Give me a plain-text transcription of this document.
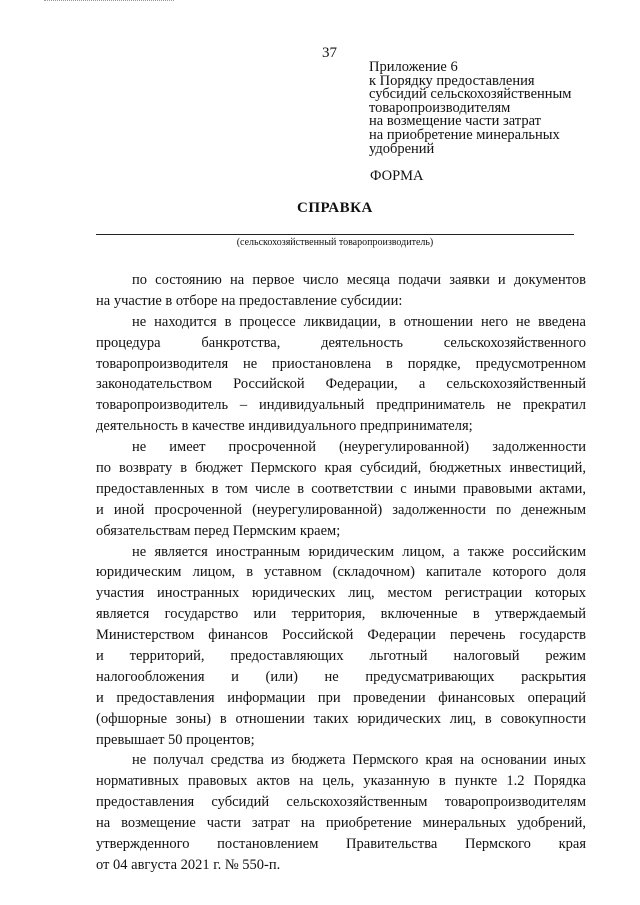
37
Приложение 6
к Порядку предоставления
субсидий сельскохозяйственным
товаропроизводителям
на возмещение части затрат
на приобретение минеральных
удобрений
ФОРМА
СПРАВКА
(сельскохозяйственный товаропроизводитель)
по состоянию на первое число месяца подачи заявки и документов
на участие в отборе на предоставление субсидии:
не находится в процессе ликвидации, в отношении него не введена
процедура банкротства, деятельность сельскохозяйственного
товаропроизводителя не приостановлена в порядке, предусмотренном
законодательством Российской Федерации, а сельскохозяйственный
товаропроизводитель – индивидуальный предприниматель не прекратил
деятельность в качестве индивидуального предпринимателя;
не имеет просроченной (неурегулированной) задолженности
по возврату в бюджет Пермского края субсидий, бюджетных инвестиций,
предоставленных в том числе в соответствии с иными правовыми актами,
и иной просроченной (неурегулированной) задолженности по денежным
обязательствам перед Пермским краем;
не является иностранным юридическим лицом, а также российским
юридическим лицом, в уставном (складочном) капитале которого доля
участия иностранных юридических лиц, местом регистрации которых
является государство или территория, включенные в утверждаемый
Министерством финансов Российской Федерации перечень государств
и территорий, предоставляющих льготный налоговый режим
налогообложения и (или) не предусматривающих раскрытия
и предоставления информации при проведении финансовых операций
(офшорные зоны) в отношении таких юридических лиц, в совокупности
превышает 50 процентов;
не получал средства из бюджета Пермского края на основании иных
нормативных правовых актов на цель, указанную в пункте 1.2 Порядка
предоставления субсидий сельскохозяйственным товаропроизводителям
на возмещение части затрат на приобретение минеральных удобрений,
утвержденного постановлением Правительства Пермского края
от 04 августа 2021 г. № 550-п.
